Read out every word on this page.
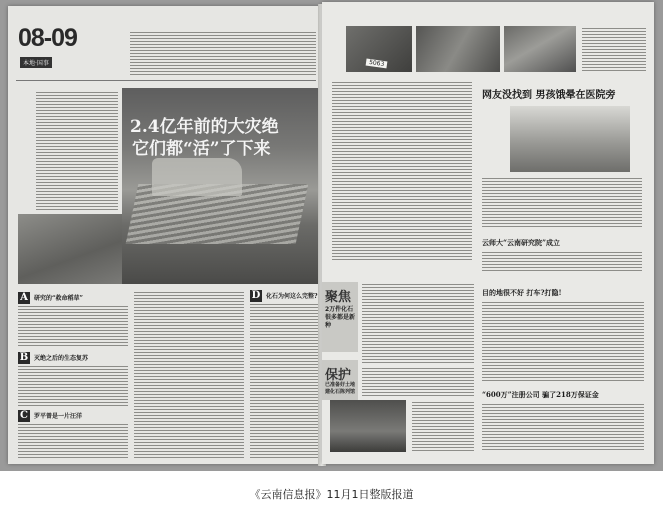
08-09
本地·国事
2.4亿年前的大灾绝
它们都“活”了下来
A	研究的“救命稻草”
B 灭绝之后的生态复苏
C	罗平曾是一片汪洋
D 化石为何这么完整?
5063
网友没找到 男孩饿晕在医院旁
云师大“云南研究院”成立
聚焦
2万件化石 很多都是新种
保护
已准备好土地 建化石陈列馆
目的地很不好 打车?打隐!
“600万”注册公司 骗了218万保证金
《云南信息报》11月1日整版报道
